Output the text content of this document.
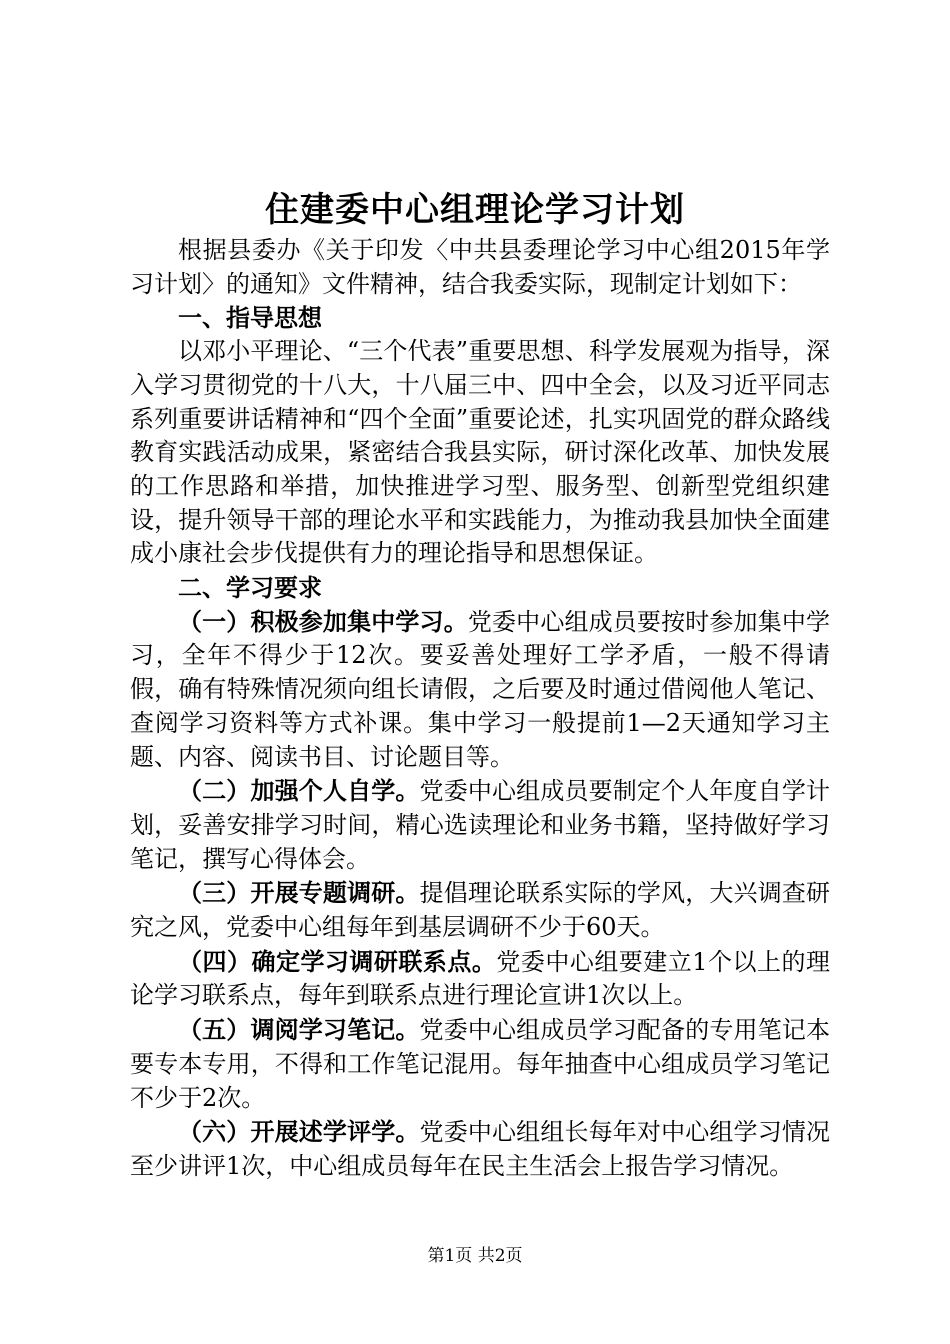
住建委中心组理论学习计划

根据县委办《关于印发〈中共县委理论学习中心组2015年学习计划〉的通知》文件精神，结合我委实际，现制定计划如下：

一、指导思想

以邓小平理论、“三个代表”重要思想、科学发展观为指导，深入学习贯彻党的十八大，十八届三中、四中全会，以及习近平同志系列重要讲话精神和“四个全面”重要论述，扎实巩固党的群众路线教育实践活动成果，紧密结合我县实际，研讨深化改革、加快发展的工作思路和举措，加快推进学习型、服务型、创新型党组织建设，提升领导干部的理论水平和实践能力，为推动我县加快全面建成小康社会步伐提供有力的理论指导和思想保证。

二、学习要求

（一）积极参加集中学习。党委中心组成员要按时参加集中学习，全年不得少于12次。要妥善处理好工学矛盾，一般不得请假，确有特殊情况须向组长请假，之后要及时通过借阅他人笔记、查阅学习资料等方式补课。集中学习一般提前1—2天通知学习主题、内容、阅读书目、讨论题目等。

（二）加强个人自学。党委中心组成员要制定个人年度自学计划，妥善安排学习时间，精心选读理论和业务书籍，坚持做好学习笔记，撰写心得体会。

（三）开展专题调研。提倡理论联系实际的学风，大兴调查研究之风，党委中心组每年到基层调研不少于60天。

（四）确定学习调研联系点。党委中心组要建立1个以上的理论学习联系点，每年到联系点进行理论宣讲1次以上。

（五）调阅学习笔记。党委中心组成员学习配备的专用笔记本要专本专用，不得和工作笔记混用。每年抽查中心组成员学习笔记不少于2次。

（六）开展述学评学。党委中心组组长每年对中心组学习情况至少讲评1次，中心组成员每年在民主生活会上报告学习情况。

第1页 共2页
